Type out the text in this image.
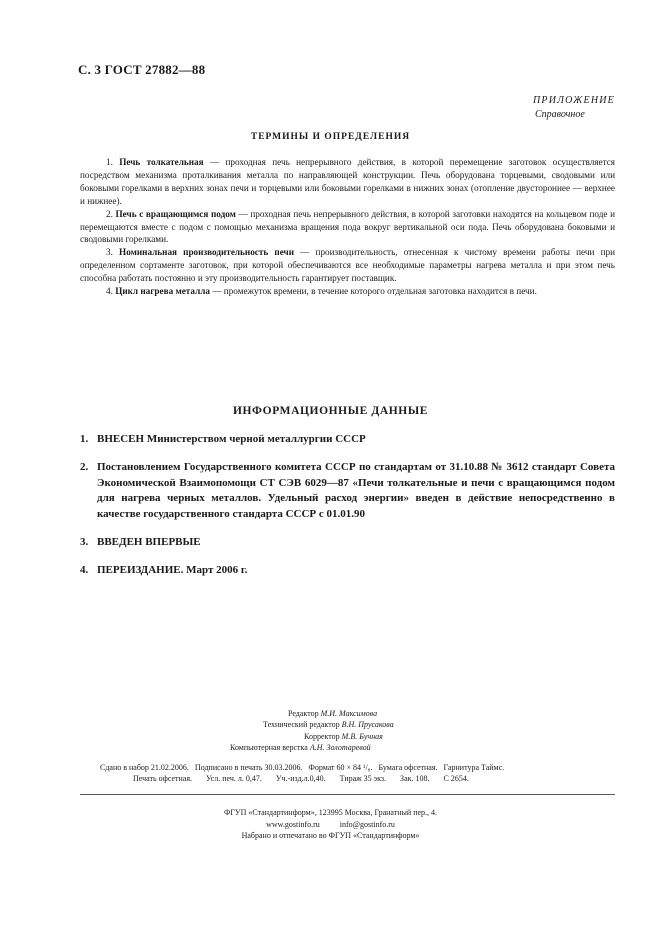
С. 3 ГОСТ 27882—88
ПРИЛОЖЕНИЕ
Справочное
ТЕРМИНЫ И ОПРЕДЕЛЕНИЯ

1. Печь толкательная — проходная печь непрерывного действия, в которой перемещение заготовок осуществляется посредством механизма проталкивания металла по направляющей конструкции. Печь оборудована торцевыми, сводовыми или боковыми горелками в верхних зонах печи и торцевыми или боковыми горелками в нижних зонах (отопление двустороннее — верхнее и нижнее).

2. Печь с вращающимся подом — проходная печь непрерывного действия, в которой заготовки находятся на кольцевом поде и перемещаются вместе с подом с помощью механизма вращения пода вокруг вертикальной оси пода. Печь оборудована боковыми и сводовыми горелками.

3. Номинальная производительность печи — производительность, отнесенная к чистому времени работы печи при определенном сортаменте заготовок, при которой обеспечиваются все необходимые параметры нагрева металла и при этом печь способна работать постоянно и эту производительность гарантирует поставщик.

4. Цикл нагрева металла — промежуток времени, в течение которого отдельная заготовка находится в печи.

ИНФОРМАЦИОННЫЕ ДАННЫЕ
1. ВНЕСЕН Министерством черной металлургии СССР
2. Постановлением Государственного комитета СССР по стандартам от 31.10.88 № 3612 стандарт Совета Экономической Взаимопомощи СТ СЭВ 6029—87 «Печи толкательные и печи с вращающимся подом для нагрева черных металлов. Удельный расход энергии» введен в действие непосредственно в качестве государственного стандарта СССР с 01.01.90
3. ВВЕДЕН ВПЕРВЫЕ
4. ПЕРЕИЗДАНИЕ. Март 2006 г.
Редактор М.И. Максимова
Технический редактор В.Н. Прусакова
Корректор М.В. Бучная
Компьютерная верстка А.Н. Золотаревой
Сдано в набор 21.02.2006.   Подписано в печать 30.03.2006.   Формат 60 × 84 ¹/₈.   Бумага офсетная.   Гарнитура Таймс.
Печать офсетная.       Усл. печ. л. 0,47.       Уч.-изд.л.0,40.       Тираж 35 экз.       Зак. 108.       С 2654.
ФГУП «Стандартинформ», 123995 Москва, Гранатный пер., 4.
www.gostinfo.ru          info@gostinfo.ru
Набрано и отпечатано во ФГУП «Стандартинформ»
